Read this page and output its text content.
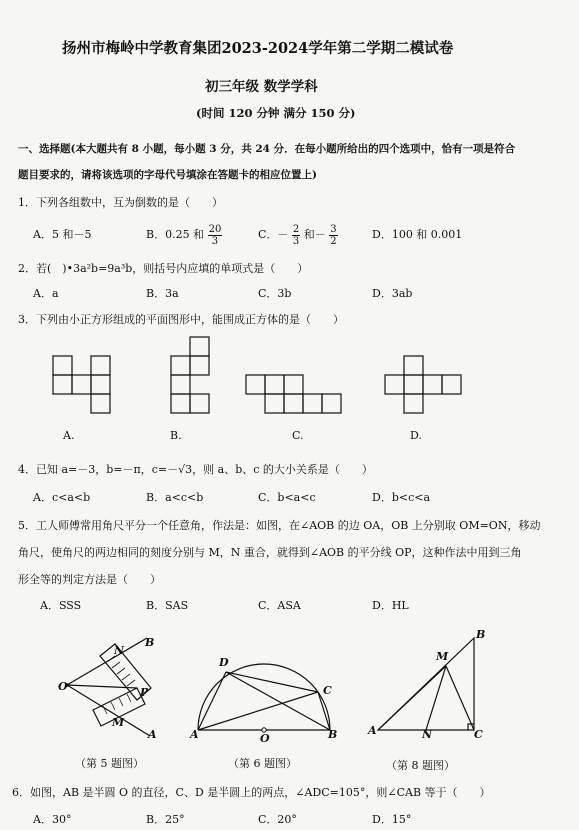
扬州市梅岭中学教育集团2023-2024学年第二学期二模试卷
初三年级 数学学科
(时间 120 分钟 满分 150 分)
一、选择题(本大题共有 8 小题，每小题 3 分，共 24 分．在每小题所给出的四个选项中，恰有一项是符合
题目要求的，请将该选项的字母代号填涂在答题卡的相应位置上)
1．下列各组数中，互为倒数的是（　　）
A．5 和－5	B．0.25 和 $\frac{20}{3}$	C．－ $\frac{2}{3}$ 和－ $\frac{3}{2}$	D．100 和 0.001
2．若(　)•3a²b=9a³b，则括号内应填的单项式是（　　）
A．a	B．3a	C．3b	D．3ab
3．下列由小正方形组成的平面图形中，能围成正方体的是（　　）
A.	B.	C.	D.
4．已知 a=－3，b=－π，c=－√3，则 a、b、c 的大小关系是（　　）
A．c<a<b	B．a<c<b	C．b<a<c	D．b<c<a
5．工人师傅常用角尺平分一个任意角，作法是：如图，在∠AOB 的边 OA，OB 上分别取 OM=ON，移动
角尺，使角尺的两边相同的刻度分别与 M，N 重合，就得到∠AOB 的平分线 OP，这种作法中用到三角
形全等的判定方法是（　　）
A．SSS	B．SAS	C．ASA	D．HL
N
B
O	P
M
A
（第 5 题图）
D
C
A	O	B
（第 6 题图）
B
M
A	N	C
（第 8 题图）
6．如图，AB 是半圆 O 的直径，C、D 是半圆上的两点，∠ADC=105°，则∠CAB 等于（　　）
A．30°	B．25°	C．20°	D．15°
